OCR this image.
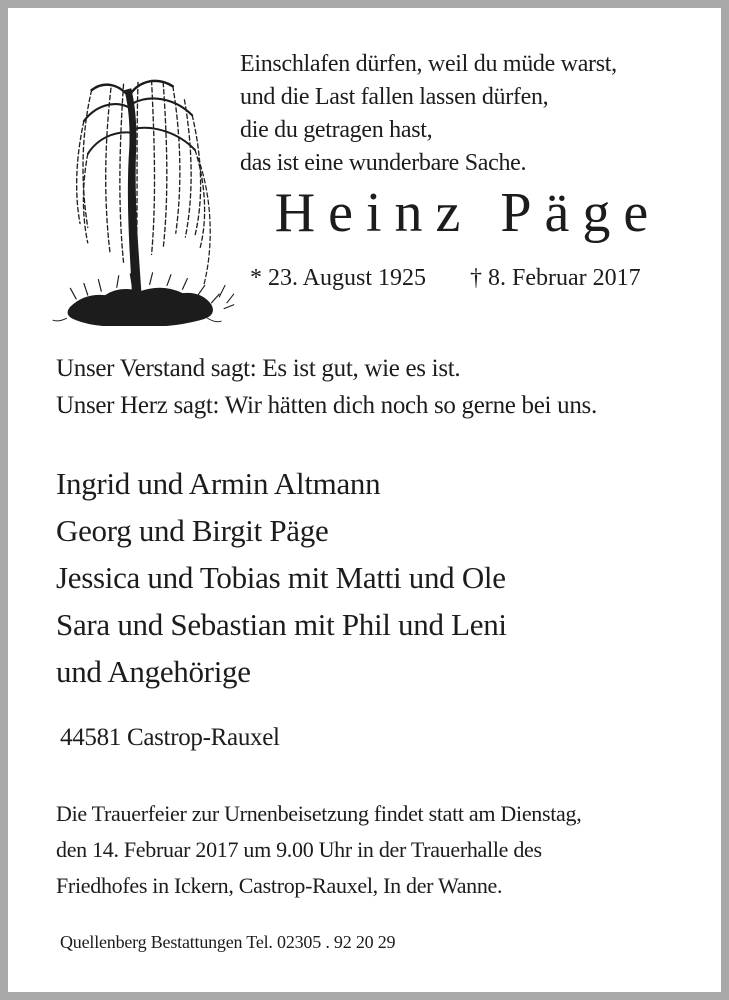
Einschlafen dürfen, weil du müde warst,
und die Last fallen lassen dürfen,
die du getragen hast,
das ist eine wunderbare Sache.
Heinz Päge
* 23. August 1925 † 8. Februar 2017
Unser Verstand sagt: Es ist gut, wie es ist.
Unser Herz sagt: Wir hätten dich noch so gerne bei uns.
Ingrid und Armin Altmann
Georg und Birgit Päge
Jessica und Tobias mit Matti und Ole
Sara und Sebastian mit Phil und Leni
und Angehörige
44581 Castrop-Rauxel
Die Trauerfeier zur Urnenbeisetzung findet statt am Dienstag,
den 14. Februar 2017 um 9.00 Uhr in der Trauerhalle des
Friedhofes in Ickern, Castrop-Rauxel, In der Wanne.
Quellenberg Bestattungen Tel. 02305 . 92 20 29
